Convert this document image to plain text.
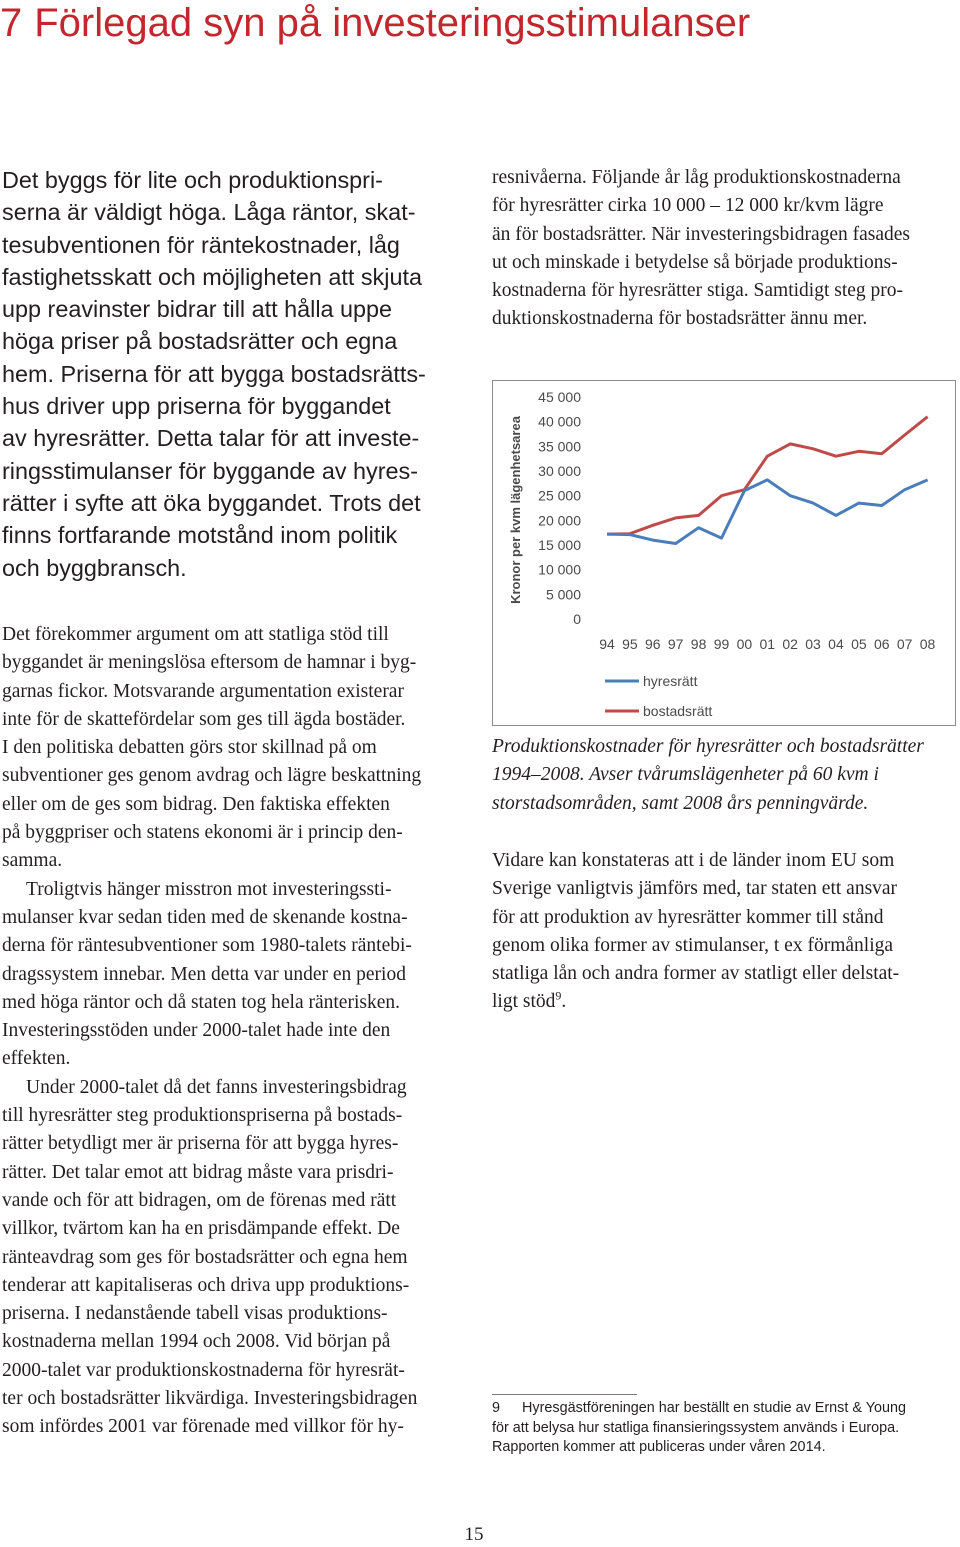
7 Förlegad syn på investeringsstimulanser
Det byggs för lite och produktionspri-
serna är väldigt höga. Låga räntor, skat-
tesubventionen för räntekostnader, låg
fastighetsskatt och möjligheten att skjuta
upp reavinster bidrar till att hålla uppe
höga priser på bostadsrätter och egna
hem. Priserna för att bygga bostadsrätts-
hus driver upp priserna för byggandet
av hyresrätter. Detta talar för att investe-
ringsstimulanser för byggande av hyres-
rätter i syfte att öka byggandet. Trots det
finns fortfarande motstånd inom politik
och byggbransch.
Det förekommer argument om att statliga stöd till
byggandet är meningslösa eftersom de hamnar i byg-
garnas fickor. Motsvarande argumentation existerar
inte för de skattefördelar som ges till ägda bostäder.
I den politiska debatten görs stor skillnad på om
subventioner ges genom avdrag och lägre beskattning
eller om de ges som bidrag. Den faktiska effekten
på byggpriser och statens ekonomi är i princip den-
samma.
Troligtvis hänger misstron mot investeringssti-
mulanser kvar sedan tiden med de skenande kostna-
derna för räntesubventioner som 1980-talets räntebi-
dragssystem innebar. Men detta var under en period
med höga räntor och då staten tog hela ränterisken.
Investeringsstöden under 2000-talet hade inte den
effekten.
Under 2000-talet då det fanns investeringsbidrag
till hyresrätter steg produktionspriserna på bostads-
rätter betydligt mer är priserna för att bygga hyres-
rätter. Det talar emot att bidrag måste vara prisdri-
vande och för att bidragen, om de förenas med rätt
villkor, tvärtom kan ha en prisdämpande effekt. De
ränteavdrag som ges för bostadsrätter och egna hem
tenderar att kapitaliseras och driva upp produktions-
priserna. I nedanstående tabell visas produktions-
kostnaderna mellan 1994 och 2008. Vid början på
2000-talet var produktionskostnaderna för hyresrät-
ter och bostadsrätter likvärdiga. Investeringsbidragen
som infördes 2001 var förenade med villkor för hy-
resnivåerna. Följande år låg produktionskostnaderna
för hyresrätter cirka 10 000 – 12 000 kr/kvm lägre
än för bostadsrätter. När investeringsbidragen fasades
ut och minskade i betydelse så började produktions-
kostnaderna för hyresrätter stiga. Samtidigt steg pro-
duktionskostnaderna för bostadsrätter ännu mer.
Kronor per kvm lägenhetsarea
0
5 000
10 000
15 000
20 000
25 000
30 000
35 000
40 000
45 000
94 95 96 97 98 99 00 01 02 03 04 05 06 07 08
hyresrätt
bostadsrätt
Produktionskostnader för hyresrätter och bostadsrätter
1994–2008. Avser tvårumslägenheter på 60 kvm i
storstadsområden, samt 2008 års penningvärde.
Vidare kan konstateras att i de länder inom EU som
Sverige vanligtvis jämförs med, tar staten ett ansvar
för att produktion av hyresrätter kommer till stånd
genom olika former av stimulanser, t ex förmånliga
statliga lån och andra former av statligt eller delstat-
ligt stöd$^9$.
9 Hyresgästföreningen har beställt en studie av Ernst & Young
för att belysa hur statliga finansieringssystem används i Europa.
Rapporten kommer att publiceras under våren 2014.
15
